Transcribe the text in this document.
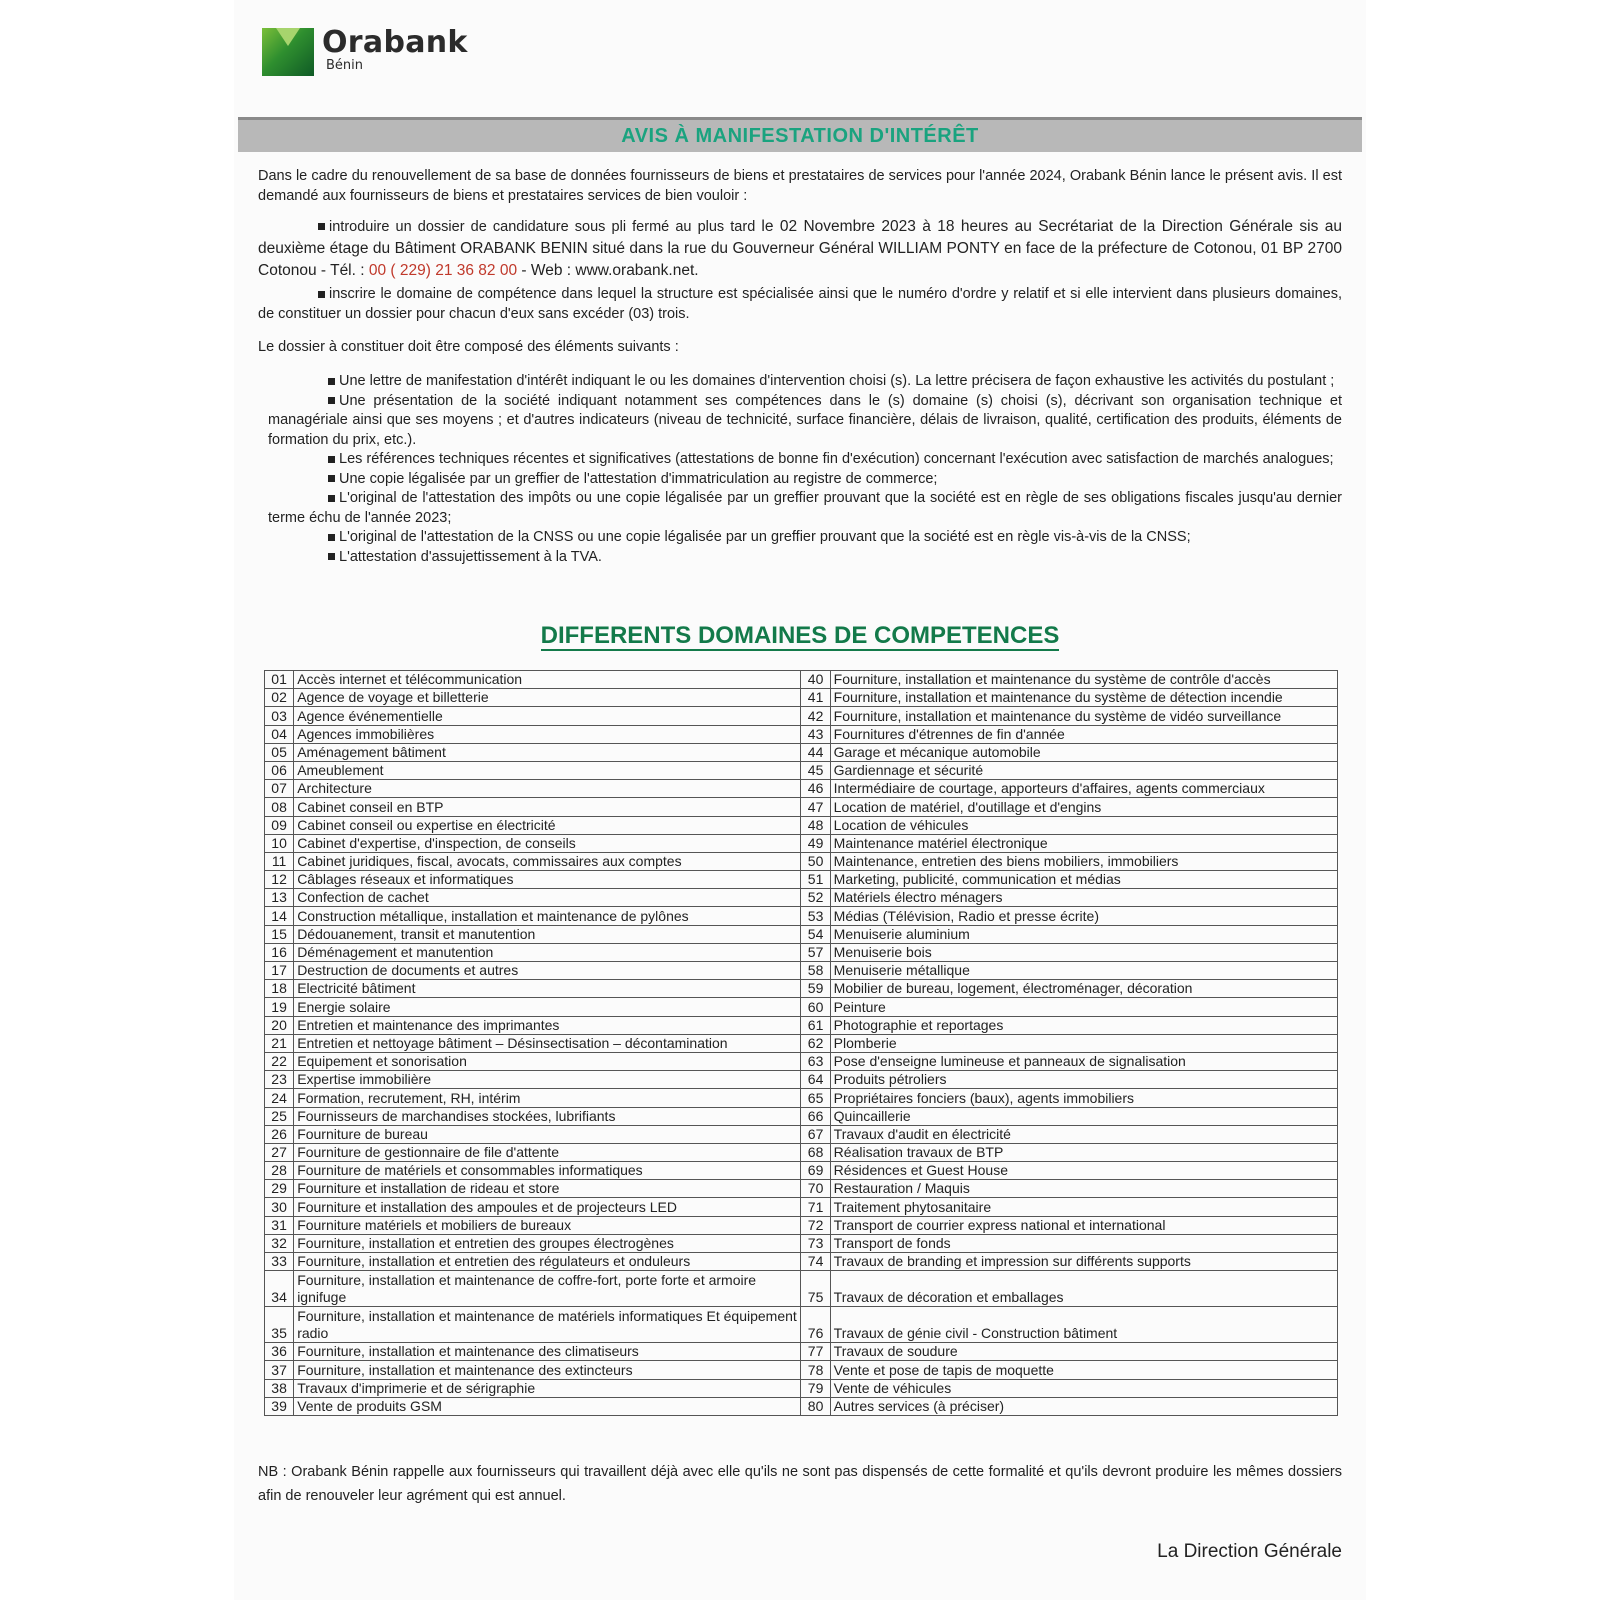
Orabank
Bénin
AVIS À MANIFESTATION D'INTÉRÊT
Dans le cadre du renouvellement de sa base de données fournisseurs de biens et prestataires de services pour l'année 2024, Orabank Bénin lance le présent avis. Il est demandé aux fournisseurs de biens et prestataires services de bien vouloir :
introduire un dossier de candidature sous pli fermé au plus tard le 02 Novembre 2023 à 18 heures au Secrétariat de la Direction Générale sis au deuxième étage du Bâtiment ORABANK BENIN situé dans la rue du Gouverneur Général WILLIAM PONTY en face de la préfecture de Cotonou, 01 BP 2700 Cotonou - Tél. : 00 ( 229) 21 36 82 00 - Web : www.orabank.net.
inscrire le domaine de compétence dans lequel la structure est spécialisée ainsi que le numéro d'ordre y relatif et si elle intervient dans plusieurs domaines, de constituer un dossier pour chacun d'eux sans excéder (03) trois.
Le dossier à constituer doit être composé des éléments suivants :
Une lettre de manifestation d'intérêt indiquant le ou les domaines d'intervention choisi (s). La lettre précisera de façon exhaustive les activités du postulant ;
Une présentation de la société indiquant notamment ses compétences dans le (s) domaine (s) choisi (s), décrivant son organisation technique et managériale ainsi que ses moyens ; et d'autres indicateurs (niveau de technicité, surface financière, délais de livraison, qualité, certification des produits, éléments de formation du prix, etc.).
Les références techniques récentes et significatives (attestations de bonne fin d'exécution) concernant l'exécution avec satisfaction de marchés analogues;
Une copie légalisée par un greffier de l'attestation d'immatriculation au registre de commerce;
L'original de l'attestation des impôts ou une copie légalisée par un greffier prouvant que la société est en règle de ses obligations fiscales jusqu'au dernier terme échu de l'année 2023;
L'original de l'attestation de la CNSS ou une copie légalisée par un greffier prouvant que la société est en règle vis-à-vis de la CNSS;
L'attestation d'assujettissement à la TVA.
DIFFERENTS DOMAINES DE COMPETENCES
01	Accès internet et télécommunication	40	Fourniture, installation et maintenance du système de contrôle d'accès
02	Agence de voyage et billetterie	41	Fourniture, installation et maintenance du système de détection incendie
03	Agence événementielle	42	Fourniture, installation et maintenance du système de vidéo surveillance
04	Agences immobilières	43	Fournitures d'étrennes de fin d'année
05	Aménagement bâtiment	44	Garage et mécanique automobile
06	Ameublement	45	Gardiennage et sécurité
07	Architecture	46	Intermédiaire de courtage, apporteurs d'affaires, agents commerciaux
08	Cabinet conseil en BTP	47	Location de matériel, d'outillage et d'engins
09	Cabinet conseil ou expertise en électricité	48	Location de véhicules
10	Cabinet d'expertise, d'inspection, de conseils	49	Maintenance matériel électronique
11	Cabinet juridiques, fiscal, avocats, commissaires aux comptes	50	Maintenance, entretien des biens mobiliers, immobiliers
12	Câblages réseaux et informatiques	51	Marketing, publicité, communication et médias
13	Confection de cachet	52	Matériels électro ménagers
14	Construction métallique, installation et maintenance de pylônes	53	Médias (Télévision, Radio et presse écrite)
15	Dédouanement, transit et manutention	54	Menuiserie aluminium
16	Déménagement et manutention	57	Menuiserie bois
17	Destruction de documents et autres	58	Menuiserie métallique
18	Electricité bâtiment	59	Mobilier de bureau, logement, électroménager, décoration
19	Energie solaire	60	Peinture
20	Entretien et maintenance des imprimantes	61	Photographie et reportages
21	Entretien et nettoyage bâtiment – Désinsectisation – décontamination	62	Plomberie
22	Equipement et sonorisation	63	Pose d'enseigne lumineuse et panneaux de signalisation
23	Expertise immobilière	64	Produits pétroliers
24	Formation, recrutement, RH, intérim	65	Propriétaires fonciers (baux), agents immobiliers
25	Fournisseurs de marchandises stockées, lubrifiants	66	Quincaillerie
26	Fourniture de bureau	67	Travaux d'audit en électricité
27	Fourniture de gestionnaire de file d'attente	68	Réalisation travaux de BTP
28	Fourniture de matériels et consommables informatiques	69	Résidences et Guest House
29	Fourniture et installation de rideau et store	70	Restauration / Maquis
30	Fourniture et installation des ampoules et de projecteurs LED	71	Traitement phytosanitaire
31	Fourniture matériels et mobiliers de bureaux	72	Transport de courrier express national et international
32	Fourniture, installation et entretien des groupes électrogènes	73	Transport de fonds
33	Fourniture, installation et entretien des régulateurs et onduleurs	74	Travaux de branding et impression sur différents supports
34	Fourniture, installation et maintenance de coffre-fort, porte forte et armoire ignifuge	75	Travaux de décoration et emballages
35	Fourniture, installation et maintenance de matériels informatiques Et équipement radio	76	Travaux de génie civil - Construction bâtiment
36	Fourniture, installation et maintenance des climatiseurs	77	Travaux de soudure
37	Fourniture, installation et maintenance des extincteurs	78	Vente et pose de tapis de moquette
38	Travaux d'imprimerie et de sérigraphie	79	Vente de véhicules
39	Vente de produits GSM	80	Autres services (à préciser)
NB : Orabank Bénin rappelle aux fournisseurs qui travaillent déjà avec elle qu'ils ne sont pas dispensés de cette formalité et qu'ils devront produire les mêmes dossiers afin de renouveler leur agrément qui est annuel.
La Direction Générale
